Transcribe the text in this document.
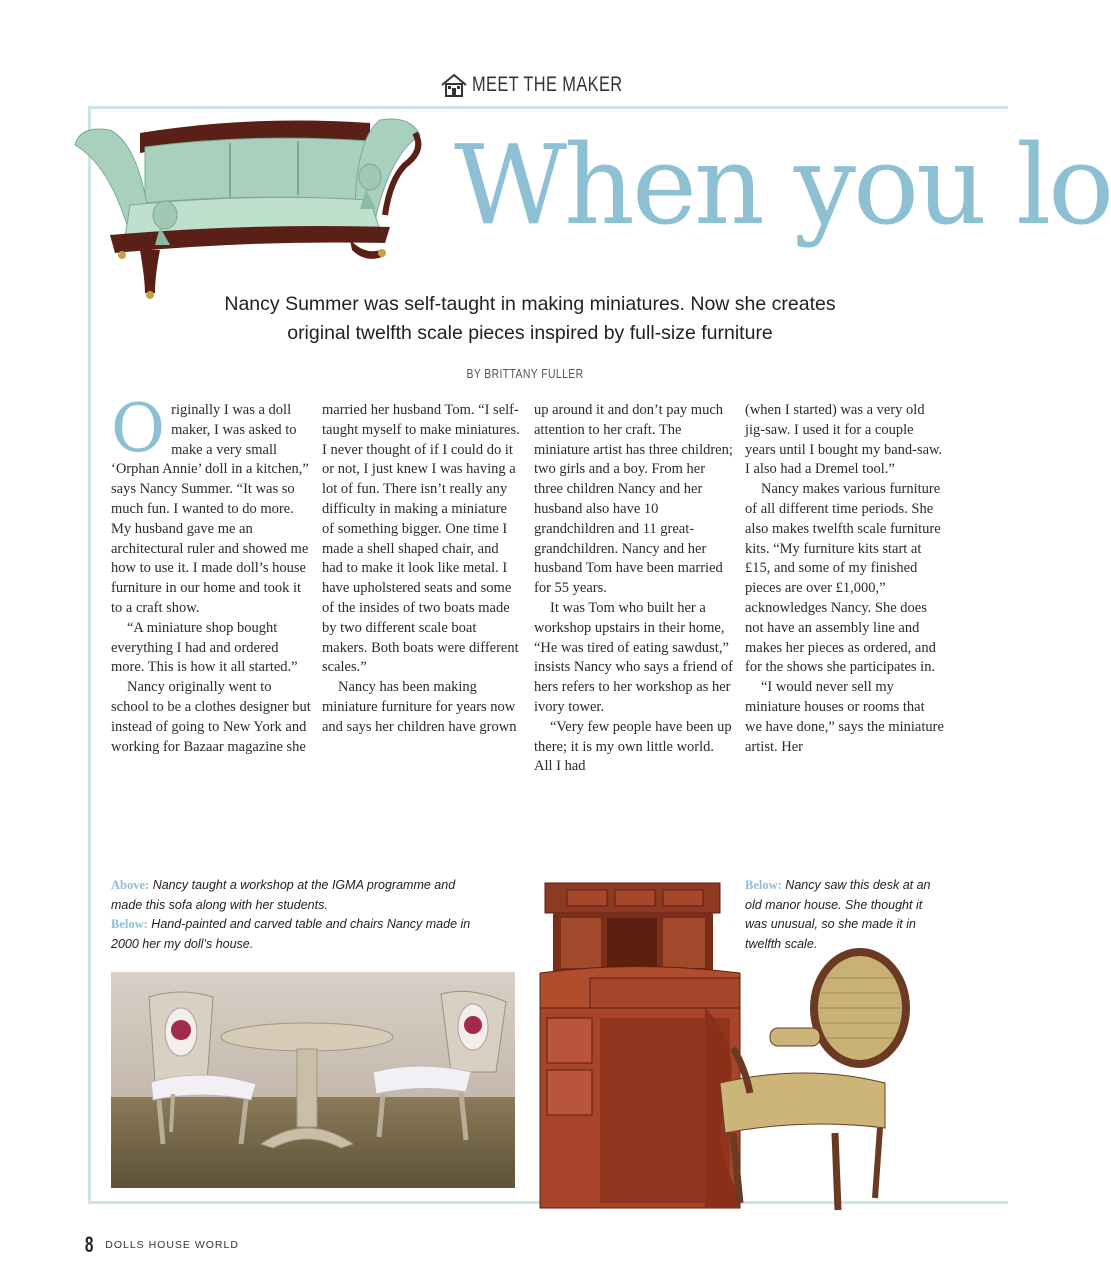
MEET THE MAKER
When you lo
Nancy Summer was self-taught in making miniatures. Now she creates
original twelfth scale pieces inspired by full-size furniture
BY BRITTANY FULLER

Originally I was a doll maker, I was asked to make a very small ‘Orphan Annie’ doll in a kitchen,” says Nancy Summer. “It was so much fun. I wanted to do more. My husband gave me an architectural ruler and showed me how to use it. I made doll’s house furniture in our home and took it to a craft show.

“A miniature shop bought everything I had and ordered more. This is how it all started.”

Nancy originally went to school to be a clothes designer but instead of going to New York and working for Bazaar magazine she

married her husband Tom. “I self-taught myself to make miniatures. I never thought of if I could do it or not, I just knew I was having a lot of fun. There isn’t really any difficulty in making a miniature of something bigger. One time I made a shell shaped chair, and had to make it look like metal. I have upholstered seats and some of the insides of two boats made by two different scale boat makers. Both boats were different scales.”

Nancy has been making miniature furniture for years now and says her children have grown

up around it and don’t pay much attention to her craft. The miniature artist has three children; two girls and a boy. From her three children Nancy and her husband also have 10 grandchildren and 11 great-grandchildren. Nancy and her husband Tom have been married for 55 years.

It was Tom who built her a workshop upstairs in their home, “He was tired of eating sawdust,” insists Nancy who says a friend of hers refers to her workshop as her ivory tower.

“Very few people have been up there; it is my own little world. All I had

(when I started) was a very old jig-saw. I used it for a couple years until I bought my band-saw. I also had a Dremel tool.”

Nancy makes various furniture of all different time periods. She also makes twelfth scale furniture kits. “My furniture kits start at £15, and some of my finished pieces are over £1,000,” acknowledges Nancy. She does not have an assembly line and makes her pieces as ordered, and for the shows she participates in.

“I would never sell my miniature houses or rooms that we have done,” says the miniature artist. Her

Above: Nancy taught a workshop at the IGMA programme and made this sofa along with her students.
Below: Hand-painted and carved table and chairs Nancy made in 2000 her my doll’s house.
Below: Nancy saw this desk at an old manor house. She thought it was unusual, so she made it in twelfth scale.
8 DOLLS HOUSE WORLD
